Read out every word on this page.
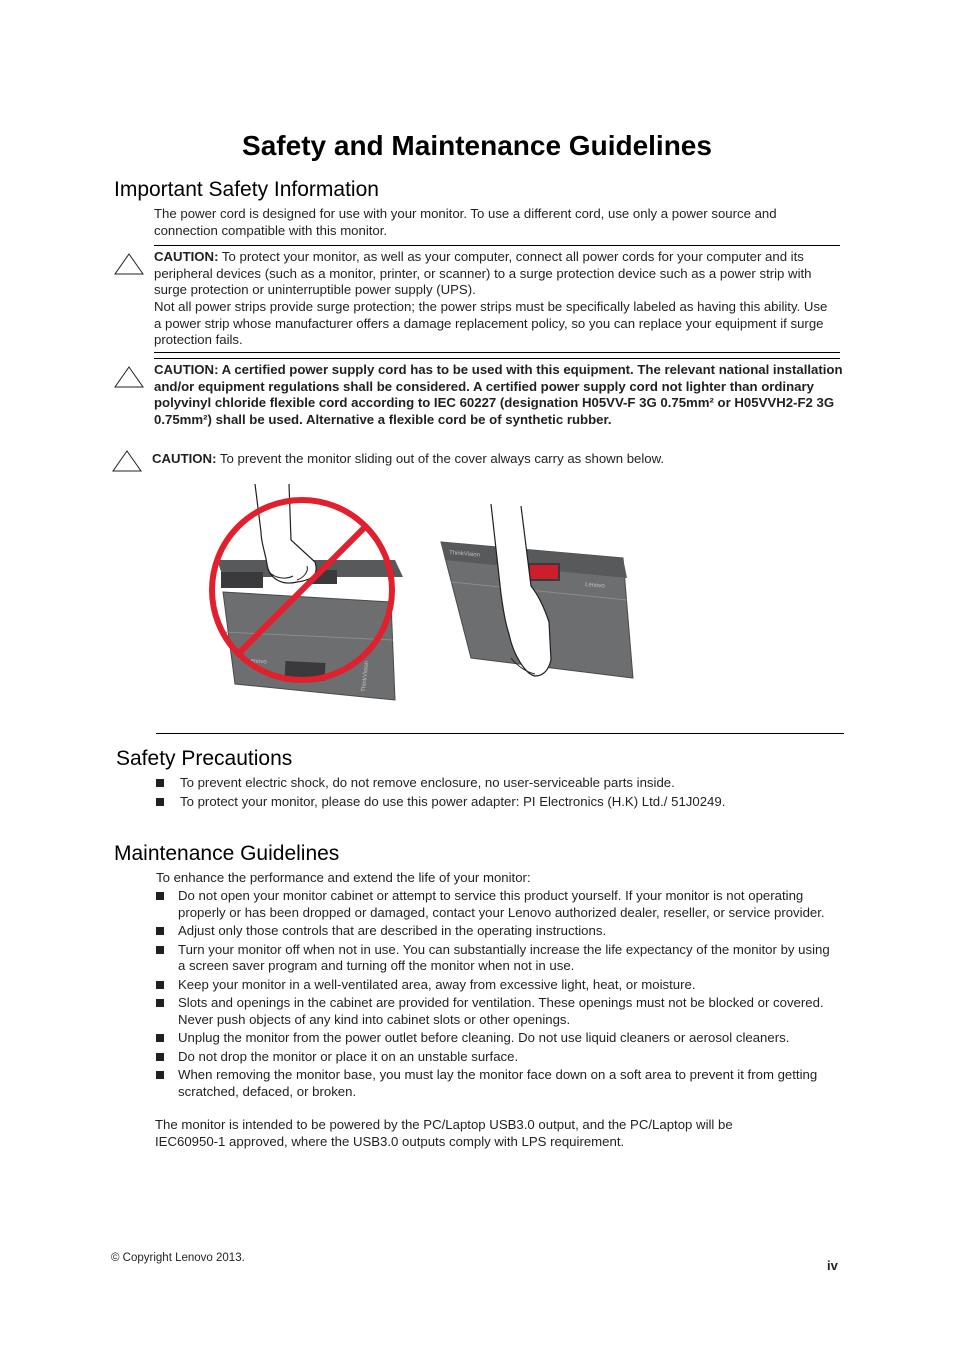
Safety and Maintenance Guidelines
Important Safety Information
The power cord is designed for use with your monitor. To use a different cord, use only a power source and connection compatible with this monitor.
CAUTION: To protect your monitor, as well as your computer, connect all power cords for your computer and its peripheral devices (such as a monitor, printer, or scanner) to a surge protection device such as a power strip with surge protection or uninterruptible power supply (UPS).
Not all power strips provide surge protection; the power strips must be specifically labeled as having this ability. Use a power strip whose manufacturer offers a damage replacement policy, so you can replace your equipment if surge protection fails.
CAUTION: A certified power supply cord has to be used with this equipment. The relevant national installation and/or equipment regulations shall be considered. A certified power supply cord not lighter than ordinary polyvinyl chloride flexible cord according to IEC 60227 (designation H05VV-F 3G 0.75mm² or H05VVH2-F2 3G 0.75mm²) shall be used. Alternative a flexible cord be of synthetic rubber.
CAUTION: To prevent the monitor sliding out of the cover always carry as shown below.
Lenovo	ThinkVision
ThinkVision
Lenovo
Safety Precautions
To prevent electric shock, do not remove enclosure, no user-serviceable parts inside.
To protect your monitor, please do use this power adapter: PI Electronics (H.K) Ltd./ 51J0249.
Maintenance Guidelines
To enhance the performance and extend the life of your monitor:
Do not open your monitor cabinet or attempt to service this product yourself. If your monitor is not operating properly or has been dropped or damaged, contact your Lenovo authorized dealer, reseller, or service provider.
Adjust only those controls that are described in the operating instructions.
Turn your monitor off when not in use. You can substantially increase the life expectancy of the monitor by using a screen saver program and turning off the monitor when not in use.
Keep your monitor in a well-ventilated area, away from excessive light, heat, or moisture.
Slots and openings in the cabinet are provided for ventilation. These openings must not be blocked or covered. Never push objects of any kind into cabinet slots or other openings.
Unplug the monitor from the power outlet before cleaning. Do not use liquid cleaners or aerosol cleaners.
Do not drop the monitor or place it on an unstable surface.
When removing the monitor base, you must lay the monitor face down on a soft area to prevent it from getting scratched, defaced, or broken.
The monitor is intended to be powered by the PC/Laptop USB3.0 output, and the PC/Laptop will be IEC60950-1 approved, where the USB3.0 outputs comply with LPS requirement.
© Copyright Lenovo 2013.	iv
